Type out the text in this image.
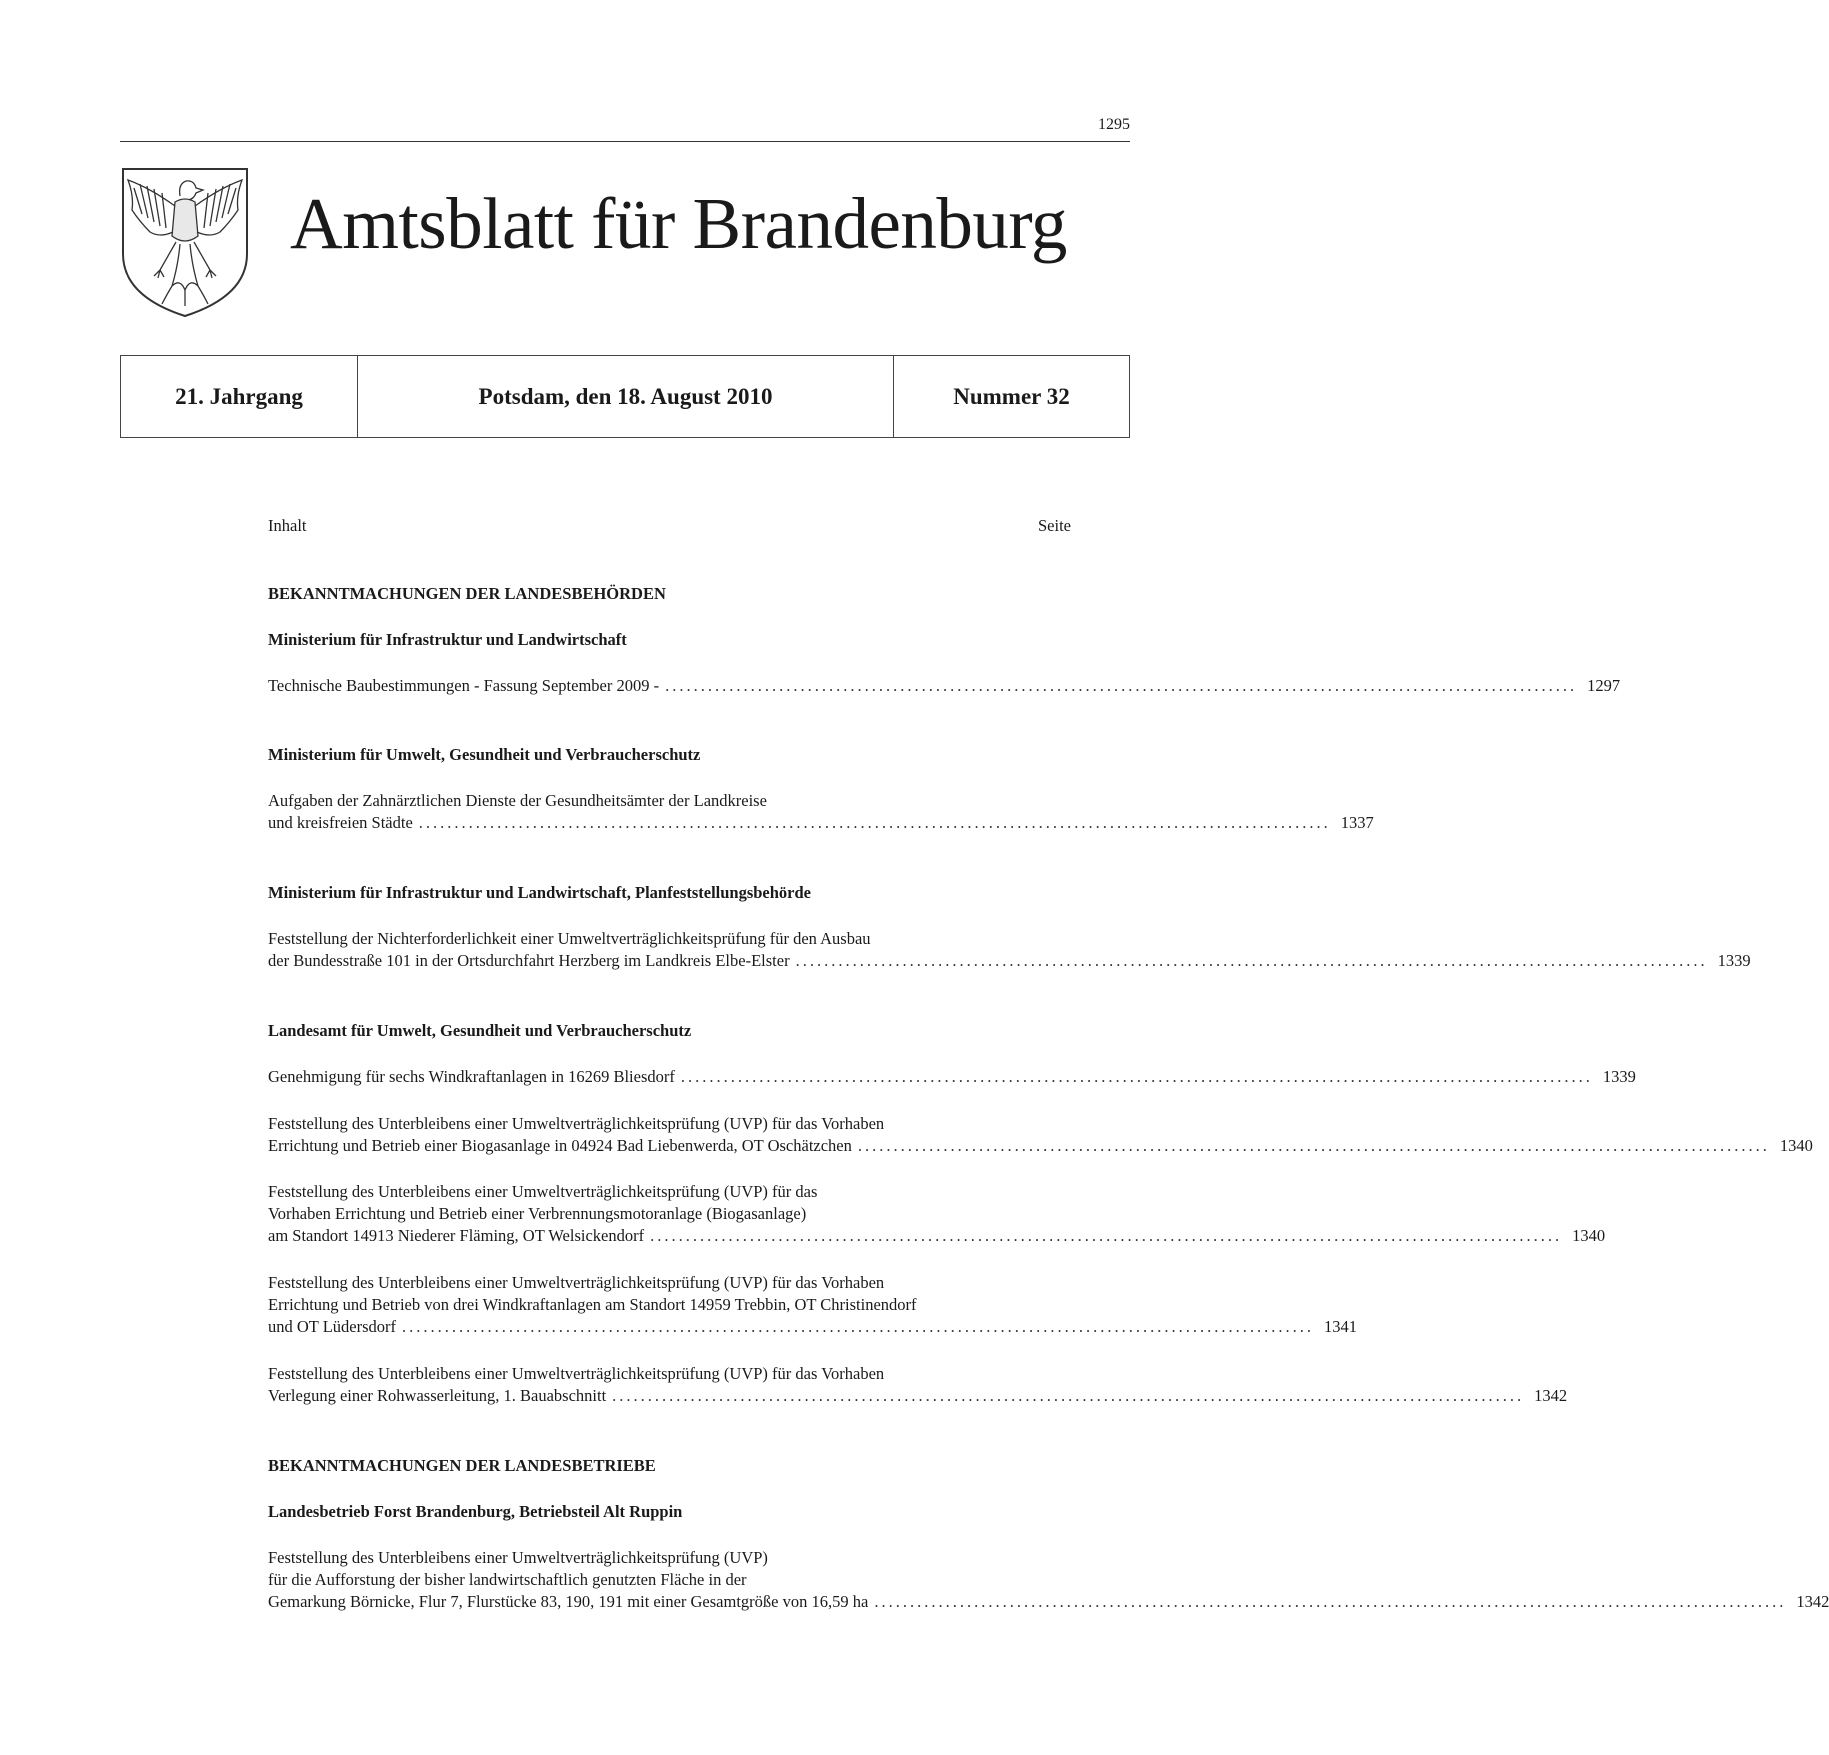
1295
Amtsblatt für Brandenburg
21. Jahrgang	Potsdam, den 18. August 2010	Nummer 32
Inhalt	Seite
BEKANNTMACHUNGEN DER LANDESBEHÖRDEN
Ministerium für Infrastruktur und Landwirtschaft
Technische Baubestimmungen - Fassung September 2009 - ................................................................................................................................ 1297
Ministerium für Umwelt, Gesundheit und Verbraucherschutz
Aufgaben der Zahnärztlichen Dienste der Gesundheitsämter der Landkreise
und kreisfreien Städte ................................................................................................................................ 1337
Ministerium für Infrastruktur und Landwirtschaft, Planfeststellungsbehörde
Feststellung der Nichterforderlichkeit einer Umweltverträglichkeitsprüfung für den Ausbau
der Bundesstraße 101 in der Ortsdurchfahrt Herzberg im Landkreis Elbe-Elster ................................................................................................................................ 1339
Landesamt für Umwelt, Gesundheit und Verbraucherschutz
Genehmigung für sechs Windkraftanlagen in 16269 Bliesdorf ................................................................................................................................ 1339
Feststellung des Unterbleibens einer Umweltverträglichkeitsprüfung (UVP) für das Vorhaben
Errichtung und Betrieb einer Biogasanlage in 04924 Bad Liebenwerda, OT Oschätzchen ................................................................................................................................ 1340
Feststellung des Unterbleibens einer Umweltverträglichkeitsprüfung (UVP) für das
Vorhaben Errichtung und Betrieb einer Verbrennungsmotoranlage (Biogasanlage)
am Standort 14913 Niederer Fläming, OT Welsickendorf ................................................................................................................................ 1340
Feststellung des Unterbleibens einer Umweltverträglichkeitsprüfung (UVP) für das Vorhaben
Errichtung und Betrieb von drei Windkraftanlagen am Standort 14959 Trebbin, OT Christinendorf
und OT Lüdersdorf ................................................................................................................................ 1341
Feststellung des Unterbleibens einer Umweltverträglichkeitsprüfung (UVP) für das Vorhaben
Verlegung einer Rohwasserleitung, 1. Bauabschnitt ................................................................................................................................ 1342
BEKANNTMACHUNGEN DER LANDESBETRIEBE
Landesbetrieb Forst Brandenburg, Betriebsteil Alt Ruppin
Feststellung des Unterbleibens einer Umweltverträglichkeitsprüfung (UVP)
für die Aufforstung der bisher landwirtschaftlich genutzten Fläche in der
Gemarkung Börnicke, Flur 7, Flurstücke 83, 190, 191 mit einer Gesamtgröße von 16,59 ha ................................................................................................................................ 1342
